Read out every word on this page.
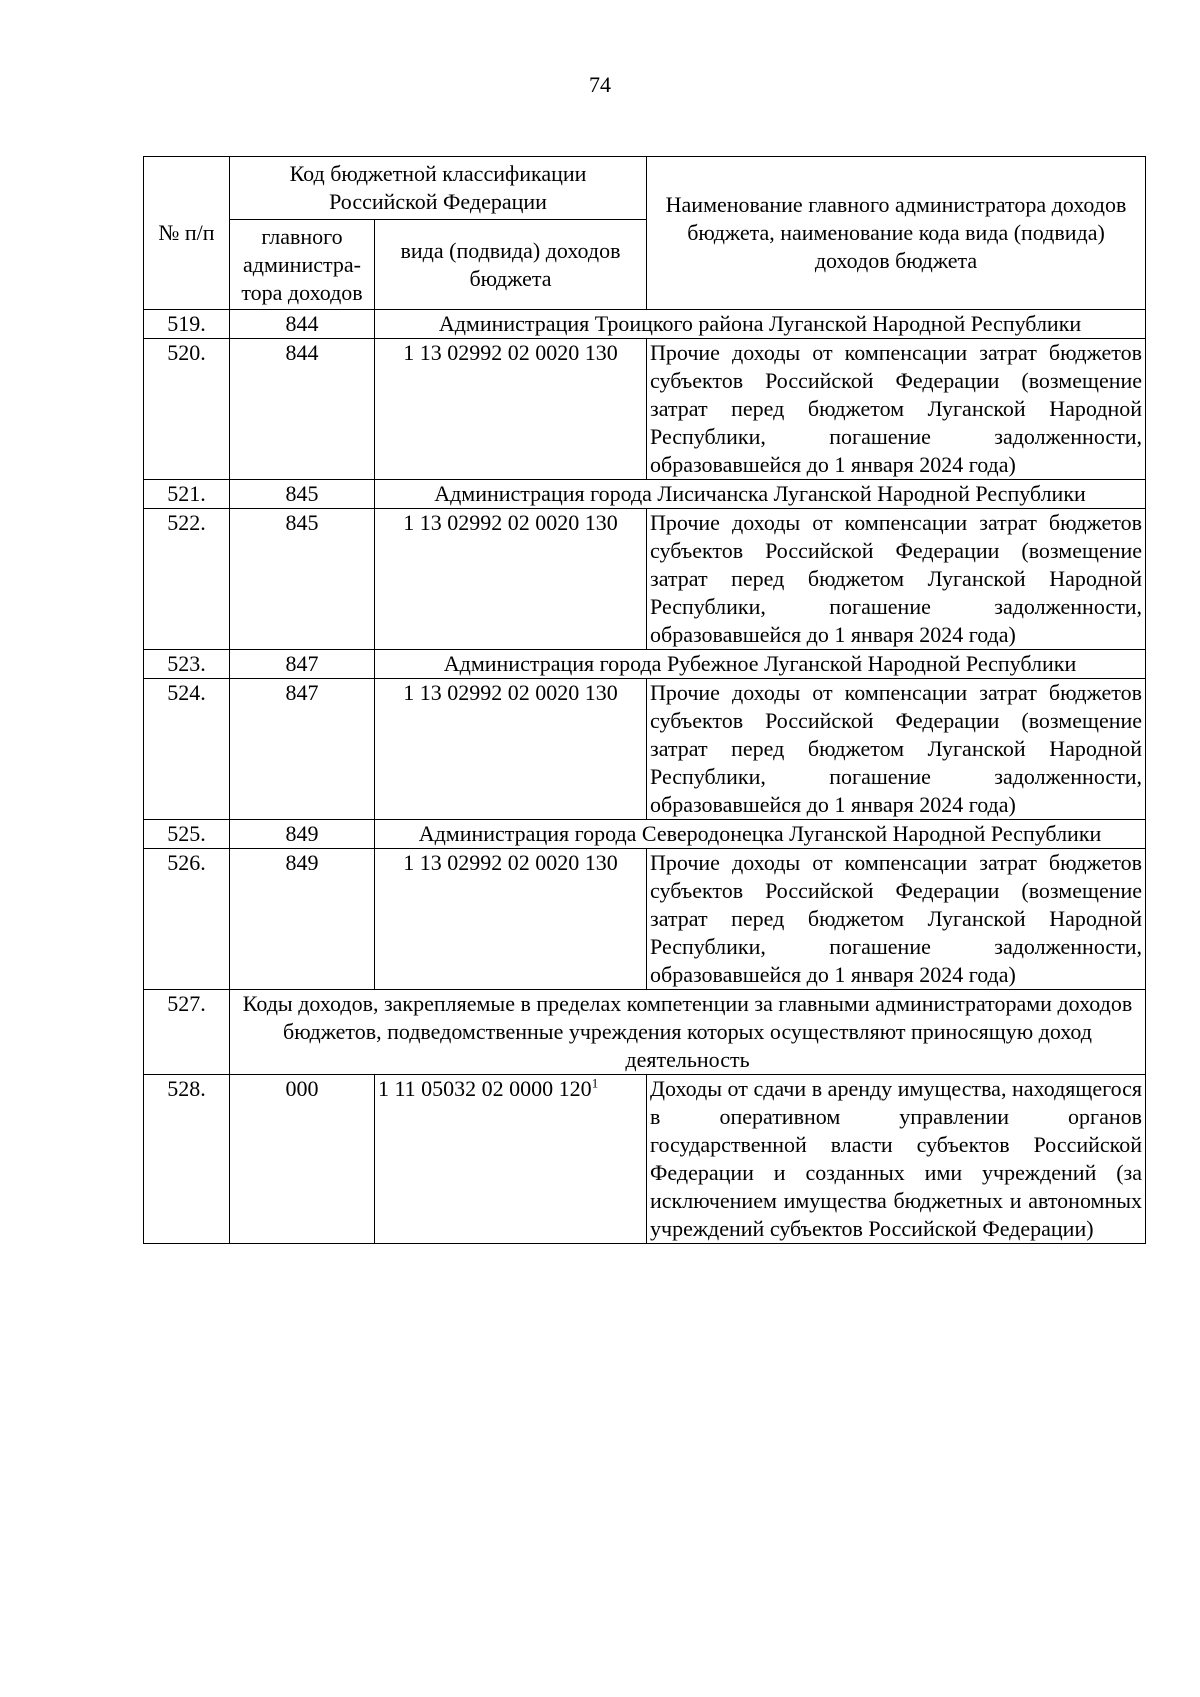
74
№ п/п	Код бюджетной классификации Российской Федерации		Наименование главного администратора доходов бюджета, наименование кода вида (подвида) доходов бюджета
	главного администра-тора доходов	вида (подвида) доходов бюджета	
519.	844	Администрация Троицкого района Луганской Народной Республики	
520.	844	1 13 02992 02 0020 130	Прочие доходы от компенсации затрат бюджетов субъектов Российской Федерации (возмещение затрат перед бюджетом Луганской Народной Республики, погашение задолженности, образовавшейся до 1 января 2024 года)
521.	845	Администрация города Лисичанска Луганской Народной Республики	
522.	845	1 13 02992 02 0020 130	Прочие доходы от компенсации затрат бюджетов субъектов Российской Федерации (возмещение затрат перед бюджетом Луганской Народной Республики, погашение задолженности, образовавшейся до 1 января 2024 года)
523.	847	Администрация города Рубежное Луганской Народной Республики	
524.	847	1 13 02992 02 0020 130	Прочие доходы от компенсации затрат бюджетов субъектов Российской Федерации (возмещение затрат перед бюджетом Луганской Народной Республики, погашение задолженности, образовавшейся до 1 января 2024 года)
525.	849	Администрация города Северодонецка Луганской Народной Республики	
526.	849	1 13 02992 02 0020 130	Прочие доходы от компенсации затрат бюджетов субъектов Российской Федерации (возмещение затрат перед бюджетом Луганской Народной Республики, погашение задолженности, образовавшейся до 1 января 2024 года)
527.	Коды доходов, закрепляемые в пределах компетенции за главными администраторами доходов бюджетов, подведомственные учреждения которых осуществляют приносящую доход деятельность		
528.	000	1 11 05032 02 0000 $120^1$	Доходы от сдачи в аренду имущества, находящегося в оперативном управлении органов государственной власти субъектов Российской Федерации и созданных ими учреждений (за исключением имущества бюджетных и автономных учреждений субъектов Российской Федерации)
